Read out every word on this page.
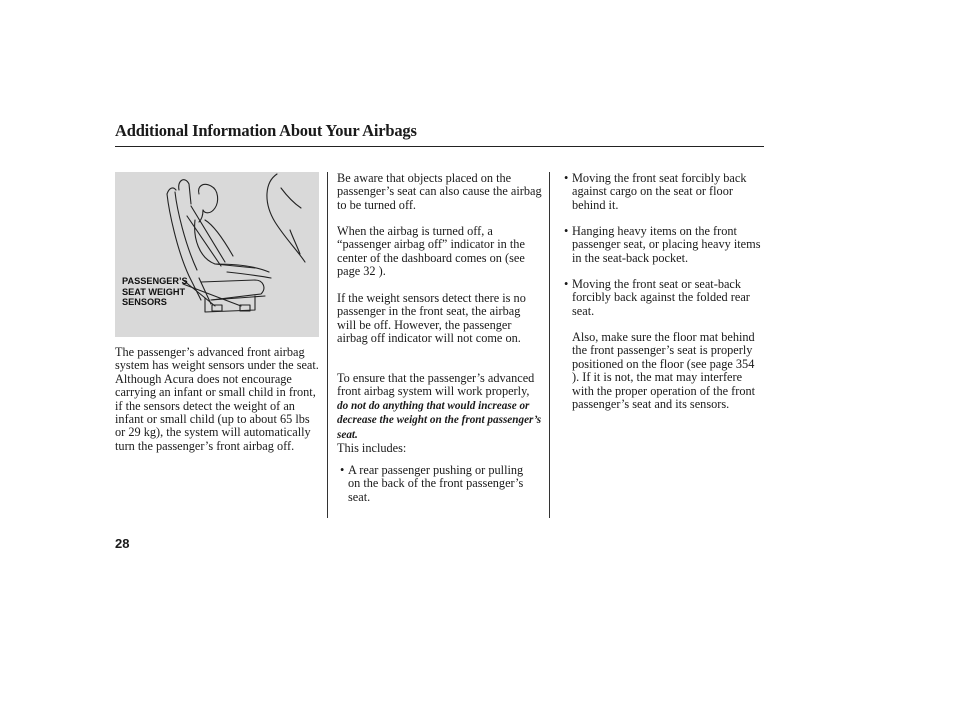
Additional Information About Your Airbags
PASSENGER’S
SEAT WEIGHT
SENSORS

The passenger’s advanced front airbag system has weight sensors under the seat. Although Acura does not encourage carrying an infant or small child in front, if the sensors detect the weight of an infant or small child (up to about 65 lbs or 29 kg), the system will automatically turn the passenger’s front airbag off.

Be aware that objects placed on the passenger’s seat can also cause the airbag to be turned off.

When the airbag is turned off, a “passenger airbag off” indicator in the center of the dashboard comes on (see page 32 ).

If the weight sensors detect there is no passenger in the front seat, the airbag will be off. However, the passenger airbag off indicator will not come on.

To ensure that the passenger’s advanced front airbag system will work properly, do not do anything that would increase or decrease the weight on the front passenger’s seat.
This includes:

• A rear passenger pushing or pulling on the back of the front passenger’s seat.
• Moving the front seat forcibly back against cargo on the seat or floor behind it.
• Hanging heavy items on the front passenger seat, or placing heavy items in the seat-back pocket.
• Moving the front seat or seat-back forcibly back against the folded rear seat.

Also, make sure the floor mat behind the front passenger’s seat is properly positioned on the floor (see page 354 ). If it is not, the mat may interfere with the proper operation of the front passenger’s seat and its sensors.

28
